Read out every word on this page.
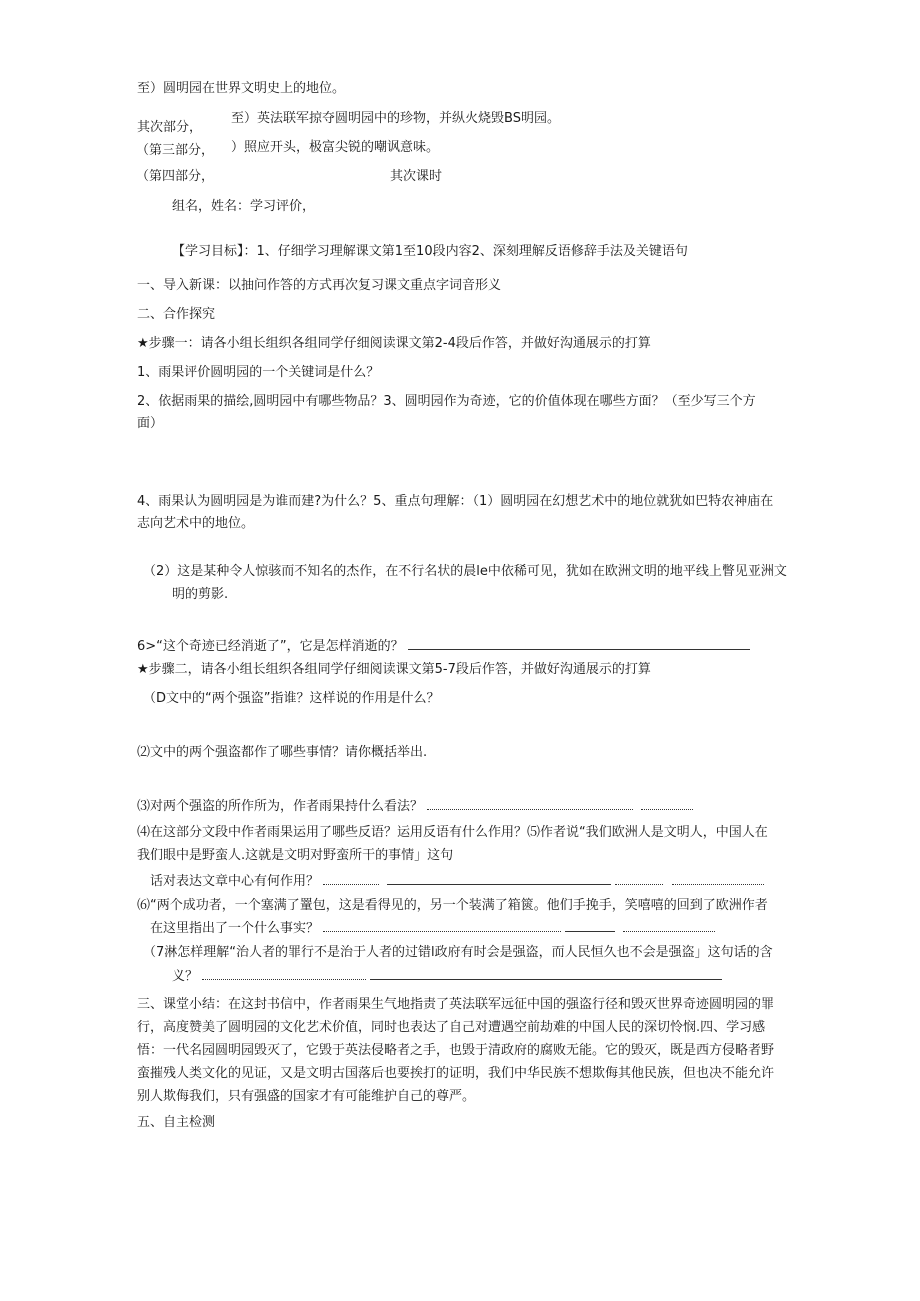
至）圆明园在世界文明史上的地位。
至）英法联军掠夺圆明园中的珍物，并纵火烧毁BS明园。
其次部分，
（第三部分， ）照应开头，极富尖锐的嘲讽意味。
（第四部分，	其次课时
组名，姓名：学习评价，
【学习目标】：1、仔细学习理解课文第1至10段内容2、深刻理解反语修辞手法及关键语句
一、导入新课：以抽问作答的方式再次复习课文重点字词音形义
二、合作探究
★步骤一：请各小组长组织各组同学仔细阅读课文第2-4段后作答，并做好沟通展示的打算
1、雨果评价圆明园的一个关键词是什么？
2、依据雨果的描绘,圆明园中有哪些物品？3、圆明园作为奇迹，它的价值体现在哪些方面？（至少写三个方
面）
4、雨果认为圆明园是为谁而建?为什么？5、重点句理解：（1）圆明园在幻想艺术中的地位就犹如巴特农神庙在
志向艺术中的地位。
（2）这是某种令人惊骇而不知名的杰作，在不行名状的晨le中依稀可见，犹如在欧洲文明的地平线上瞥见亚洲文
明的剪影.
6>“这个奇迹已经消逝了”，它是怎样消逝的？
★步骤二，请各小组长组织各组同学仔细阅读课文第5-7段后作答，并做好沟通展示的打算
（D文中的“两个强盗”指谁？这样说的作用是什么？
⑵文中的两个强盗都作了哪些事情？请你概括举出.
⑶对两个强盗的所作所为，作者雨果持什么看法？
⑷在这部分文段中作者雨果运用了哪些反语？运用反语有什么作用？⑸作者说“我们欧洲人是文明人，中国人在
我们眼中是野蛮人.这就是文明对野蛮所干的事情」这句
话对表达文章中心有何作用？
⑹“两个成功者，一个塞满了罿包，这是看得见的，另一个装满了箱篋。他们手挽手，笑嘻嘻的回到了欧洲作者
在这里指出了一个什么事实？
（7淋怎样理解“治人者的罪行不是治于人者的过错l政府有时会是强盗，而人民恒久也不会是强盗」这句话的含
义？
三、课堂小结：在这封书信中，作者雨果生气地指责了英法联军远征中国的强盗行径和毁灭世界奇迹圆明园的罪
行，高度赞美了圆明园的文化艺术价值，同时也表达了自己对遭遇空前劫难的中国人民的深切怜悯.四、学习感
悟：一代名园圆明园毁灭了，它毁于英法侵略者之手，也毁于清政府的腐败无能。它的毁灭，既是西方侵略者野
蛮摧残人类文化的见证，又是文明古国落后也要挨打的证明，我们中华民族不想欺侮其他民族，但也决不能允许
别人欺侮我们，只有强盛的国家才有可能维护自己的尊严。
五、自主检测
